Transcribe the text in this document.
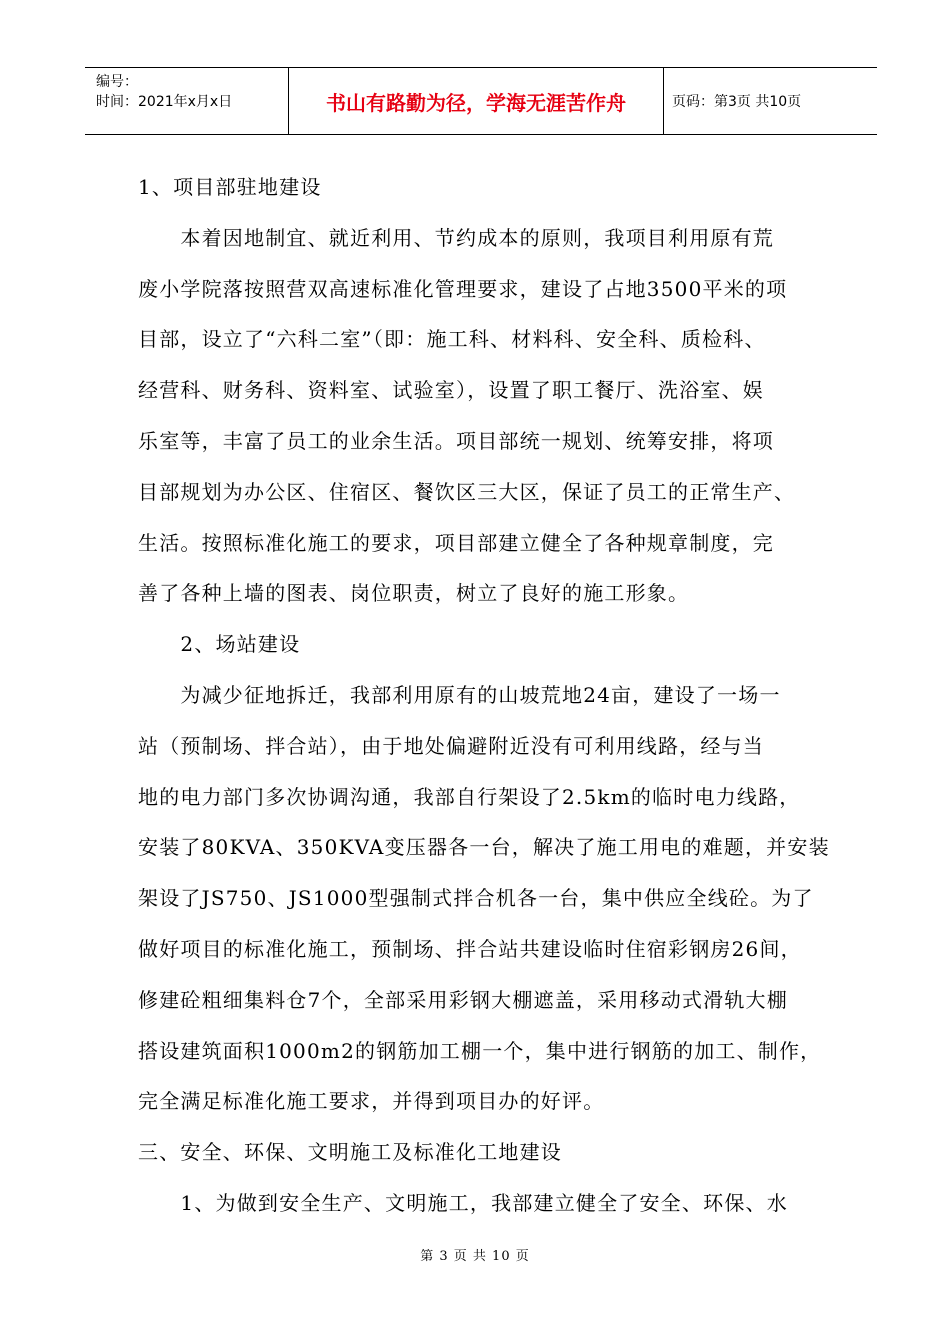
编号：
时间：2021年x月x日	书山有路勤为径，学海无涯苦作舟	页码：第3页 共10页

1、项目部驻地建设

　　本着因地制宜、就近利用、节约成本的原则，我项目利用原有荒

废小学院落按照营双高速标准化管理要求，建设了占地3500平米的项

目部，设立了“六科二室”（即：施工科、材料科、安全科、质检科、

经营科、财务科、资料室、试验室），设置了职工餐厅、洗浴室、娱

乐室等，丰富了员工的业余生活。项目部统一规划、统筹安排，将项

目部规划为办公区、住宿区、餐饮区三大区，保证了员工的正常生产、

生活。按照标准化施工的要求，项目部建立健全了各种规章制度，完

善了各种上墙的图表、岗位职责，树立了良好的施工形象。

　　2、场站建设

　　为减少征地拆迁，我部利用原有的山坡荒地24亩，建设了一场一

站（预制场、拌合站），由于地处偏避附近没有可利用线路，经与当

地的电力部门多次协调沟通，我部自行架设了2.5km的临时电力线路，

安装了80KVA、350KVA变压器各一台，解决了施工用电的难题，并安装

架设了JS750、JS1000型强制式拌合机各一台，集中供应全线砼。为了

做好项目的标准化施工，预制场、拌合站共建设临时住宿彩钢房26间，

修建砼粗细集料仓7个，全部采用彩钢大棚遮盖，采用移动式滑轨大棚

搭设建筑面积1000m2的钢筋加工棚一个，集中进行钢筋的加工、制作，

完全满足标准化施工要求，并得到项目办的好评。

三、安全、环保、文明施工及标准化工地建设

　　1、为做到安全生产、文明施工，我部建立健全了安全、环保、水

第 3 页 共 10 页
